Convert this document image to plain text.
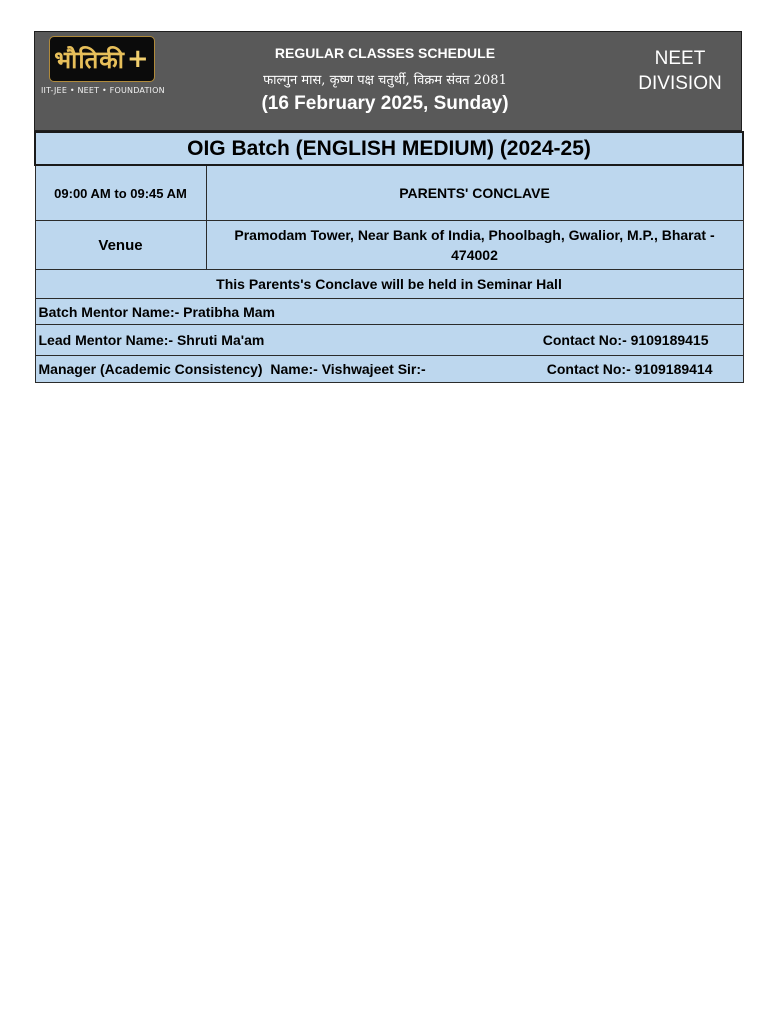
भौतिकी +
IIT-JEE • NEET • FOUNDATION
REGULAR CLASSES SCHEDULE
फाल्गुन मास, कृष्ण पक्ष चतुर्थी, विक्रम संवत 2081
(16 February 2025, Sunday)
NEET
DIVISION
OIG Batch (ENGLISH MEDIUM) (2024-25)	
09:00 AM to 09:45 AM	PARENTS' CONCLAVE
Venue	Pramodam Tower, Near Bank of India, Phoolbagh, Gwalior, M.P., Bharat - 474002
This Parents's Conclave will be held in Seminar Hall	
Batch Mentor Name:- Pratibha Mam	

Lead Mentor Name:- Shruti Ma'am Contact No:- 9109189415	

Manager (Academic Consistency)  Name:- Vishwajeet Sir:- Contact No:- 9109189414	
